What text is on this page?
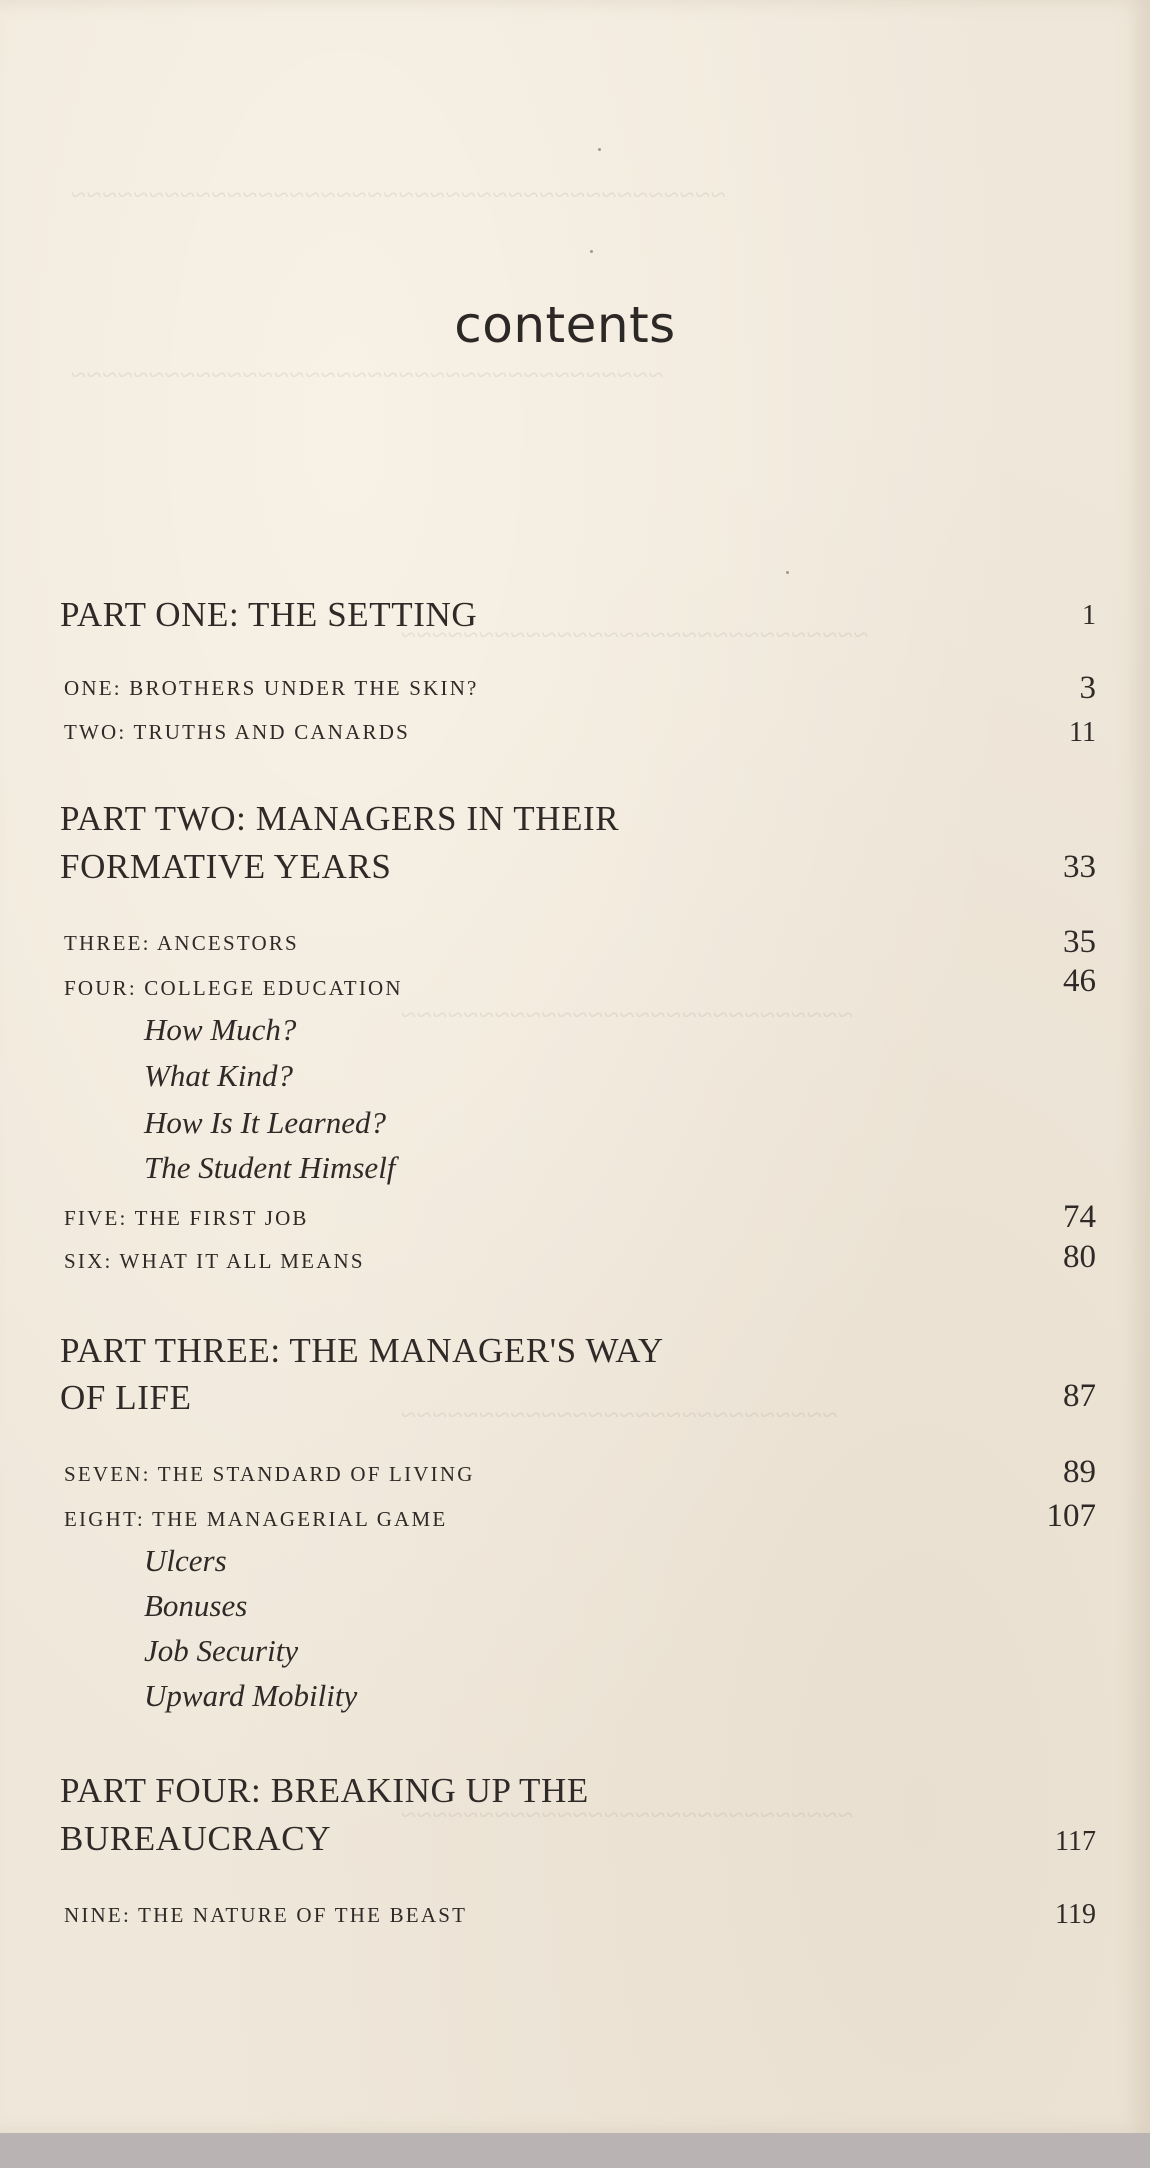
~~~~~~~~~~~~~~~~~~~~~~~~~~~~~~~~~~~~~~~~~~
~~~~~~~~~~~~~~~~~~~~~~~~~~~~~~~~~~~~~~
~~~~~~~~~~~~~~~~~~~~~~~~~~~~~~
~~~~~~~~~~~~~~~~~~~~~~~~~~~~~
~~~~~~~~~~~~~~~~~~~~~~~~~~~~
~~~~~~~~~~~~~~~~~~~~~~~~~~~~~
contents
PART ONE: THE SETTING	1
ONE: BROTHERS UNDER THE SKIN?	3
TWO: TRUTHS AND CANARDS	11
PART TWO: MANAGERS IN THEIR
FORMATIVE YEARS	33
THREE: ANCESTORS	35
FOUR: COLLEGE EDUCATION	46
How Much?
What Kind?
How Is It Learned?
The Student Himself
FIVE: THE FIRST JOB	74
SIX: WHAT IT ALL MEANS	80
PART THREE: THE MANAGER'S WAY
OF LIFE	87
SEVEN: THE STANDARD OF LIVING	89
EIGHT: THE MANAGERIAL GAME	107
Ulcers
Bonuses
Job Security
Upward Mobility
PART FOUR: BREAKING UP THE
BUREAUCRACY	117
NINE: THE NATURE OF THE BEAST	119
